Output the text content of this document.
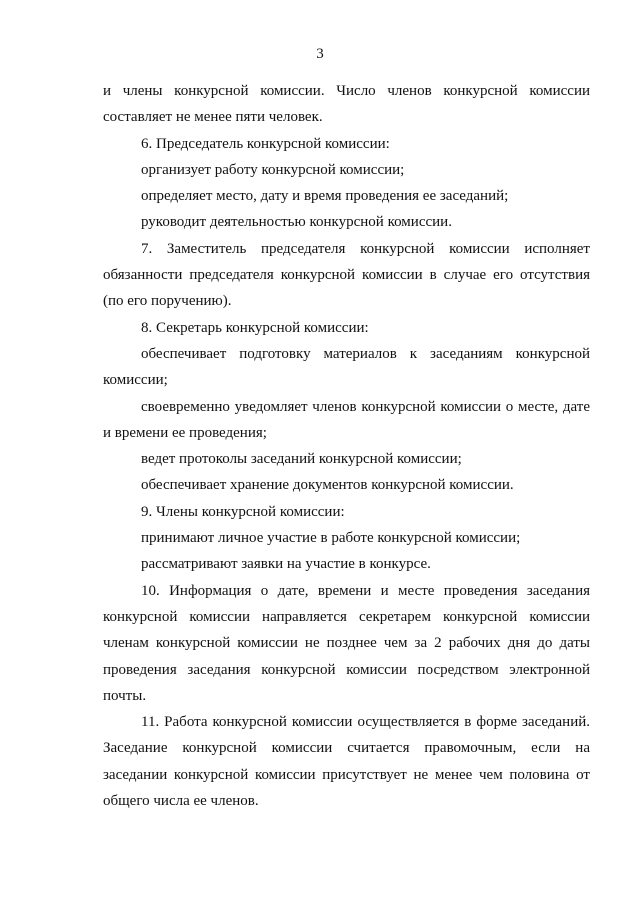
3

и члены конкурсной комиссии. Число членов конкурсной комиссии составляет не менее пяти человек.

6. Председатель конкурсной комиссии:

организует работу конкурсной комиссии;

определяет место, дату и время проведения ее заседаний;

руководит деятельностью конкурсной комиссии.

7. Заместитель председателя конкурсной комиссии исполняет обязанности председателя конкурсной комиссии в случае его отсутствия (по его поручению).

8. Секретарь конкурсной комиссии:

обеспечивает подготовку материалов к заседаниям конкурсной комиссии;

своевременно уведомляет членов конкурсной комиссии о месте, дате и времени ее проведения;

ведет протоколы заседаний конкурсной комиссии;

обеспечивает хранение документов конкурсной комиссии.

9. Члены конкурсной комиссии:

принимают личное участие в работе конкурсной комиссии;

рассматривают заявки на участие в конкурсе.

10. Информация о дате, времени и месте проведения заседания конкурсной комиссии направляется секретарем конкурсной комиссии членам конкурсной комиссии не позднее чем за 2 рабочих дня до даты проведения заседания конкурсной комиссии посредством электронной почты.

11. Работа конкурсной комиссии осуществляется в форме заседаний. Заседание конкурсной комиссии считается правомочным, если на заседании конкурсной комиссии присутствует не менее чем половина от общего числа ее членов.
